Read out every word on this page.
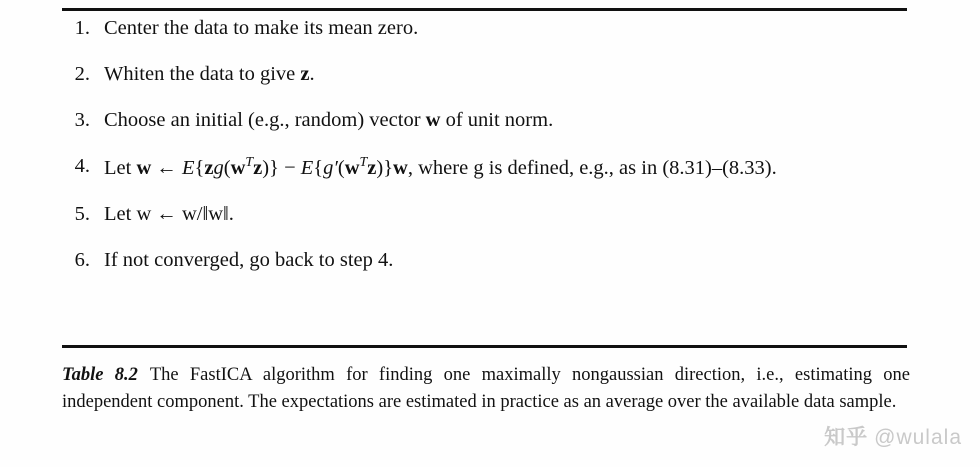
1. Center the data to make its mean zero.
2. Whiten the data to give z.
3. Choose an initial (e.g., random) vector w of unit norm.
4. Let w ← $E\{zg(w^Tz)\} - E\{g'(w^Tz)\}w$, where g is defined, e.g., as in (8.31)–(8.33).
5. Let w ← w/‖w‖.
6. If not converged, go back to step 4.
Table 8.2 The FastICA algorithm for finding one maximally nongaussian direction, i.e., estimating one independent component. The expectations are estimated in practice as an average over the available data sample.
知乎 @wulala
